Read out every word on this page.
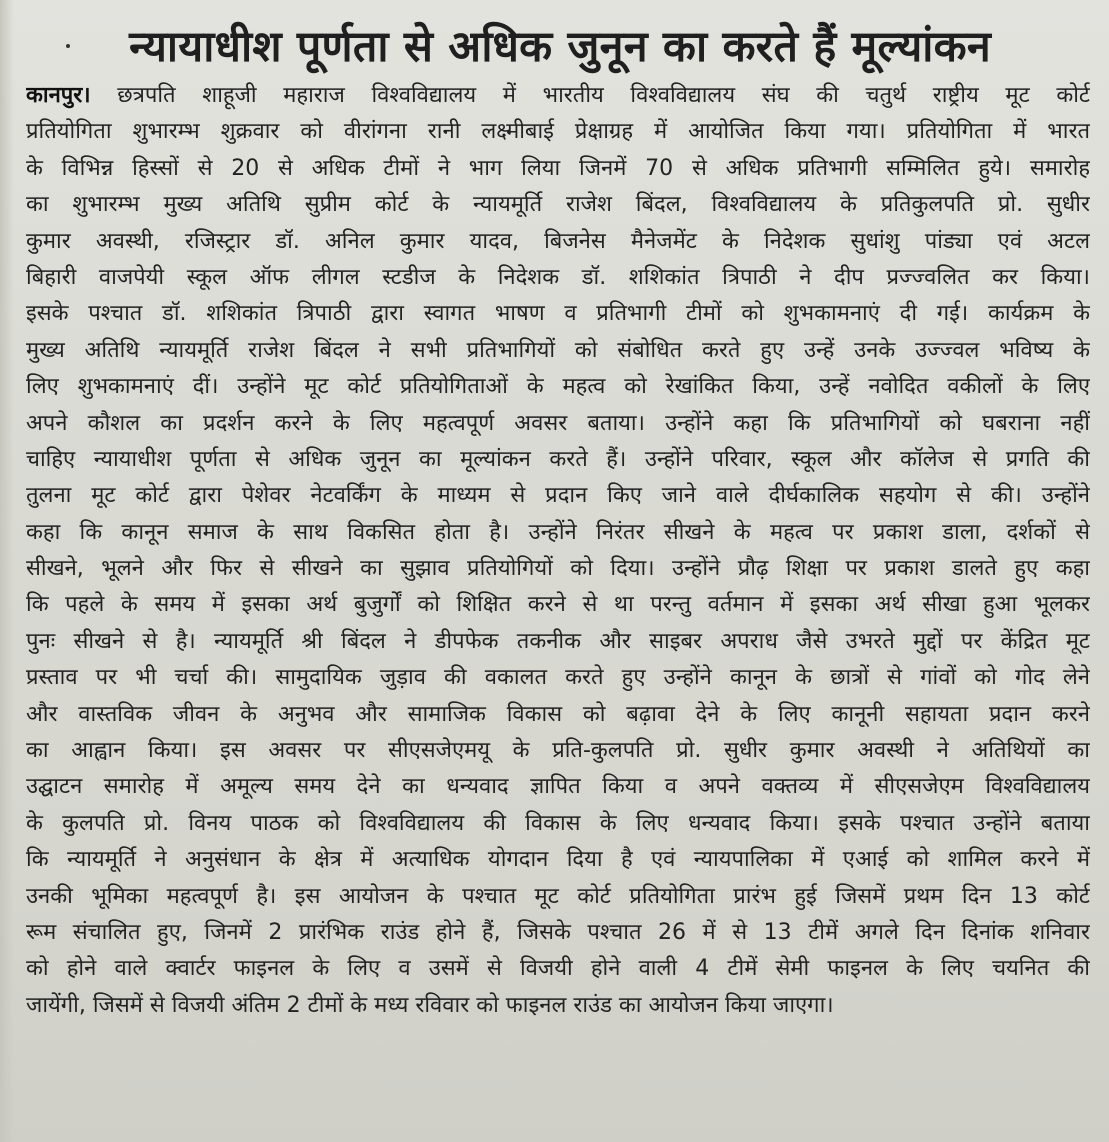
न्यायाधीश पूर्णता से अधिक जुनून का करते हैं मूल्यांकन
कानपुर। छत्रपति शाहूजी महाराज विश्वविद्यालय में भारतीय विश्वविद्यालय संघ की चतुर्थ राष्ट्रीय मूट कोर्ट
प्रतियोगिता शुभारम्भ शुक्रवार को वीरांगना रानी लक्ष्मीबाई प्रेक्षाग्रह में आयोजित किया गया। प्रतियोगिता में भारत
के विभिन्न हिस्सों से 20 से अधिक टीमों ने भाग लिया जिनमें 70 से अधिक प्रतिभागी सम्मिलित हुये। समारोह
का शुभारम्भ मुख्य अतिथि सुप्रीम कोर्ट के न्यायमूर्ति राजेश बिंदल, विश्वविद्यालय के प्रतिकुलपति प्रो. सुधीर
कुमार अवस्थी, रजिस्ट्रार डॉ. अनिल कुमार यादव, बिजनेस मैनेजमेंट के निदेशक सुधांशु पांड्या एवं अटल
बिहारी वाजपेयी स्कूल ऑफ लीगल स्टडीज के निदेशक डॉ. शशिकांत त्रिपाठी ने दीप प्रज्ज्वलित कर किया।
इसके पश्चात डॉ. शशिकांत त्रिपाठी द्वारा स्वागत भाषण व प्रतिभागी टीमों को शुभकामनाएं दी गई। कार्यक्रम के
मुख्य अतिथि न्यायमूर्ति राजेश बिंदल ने सभी प्रतिभागियों को संबोधित करते हुए उन्हें उनके उज्ज्वल भविष्य के
लिए शुभकामनाएं दीं। उन्होंने मूट कोर्ट प्रतियोगिताओं के महत्व को रेखांकित किया, उन्हें नवोदित वकीलों के लिए
अपने कौशल का प्रदर्शन करने के लिए महत्वपूर्ण अवसर बताया। उन्होंने कहा कि प्रतिभागियों को घबराना नहीं
चाहिए न्यायाधीश पूर्णता से अधिक जुनून का मूल्यांकन करते हैं। उन्होंने परिवार, स्कूल और कॉलेज से प्रगति की
तुलना मूट कोर्ट द्वारा पेशेवर नेटवर्किंग के माध्यम से प्रदान किए जाने वाले दीर्घकालिक सहयोग से की। उन्होंने
कहा कि कानून समाज के साथ विकसित होता है। उन्होंने निरंतर सीखने के महत्व पर प्रकाश डाला, दर्शकों से
सीखने, भूलने और फिर से सीखने का सुझाव प्रतियोगियों को दिया। उन्होंने प्रौढ़ शिक्षा पर प्रकाश डालते हुए कहा
कि पहले के समय में इसका अर्थ बुजुर्गों को शिक्षित करने से था परन्तु वर्तमान में इसका अर्थ सीखा हुआ भूलकर
पुनः सीखने से है। न्यायमूर्ति श्री बिंदल ने डीपफेक तकनीक और साइबर अपराध जैसे उभरते मुद्दों पर केंद्रित मूट
प्रस्ताव पर भी चर्चा की। सामुदायिक जुड़ाव की वकालत करते हुए उन्होंने कानून के छात्रों से गांवों को गोद लेने
और वास्तविक जीवन के अनुभव और सामाजिक विकास को बढ़ावा देने के लिए कानूनी सहायता प्रदान करने
का आह्वान किया। इस अवसर पर सीएसजेएमयू के प्रति-कुलपति प्रो. सुधीर कुमार अवस्थी ने अतिथियों का
उद्घाटन समारोह में अमूल्य समय देने का धन्यवाद ज्ञापित किया व अपने वक्तव्य में सीएसजेएम विश्वविद्यालय
के कुलपति प्रो. विनय पाठक को विश्वविद्यालय की विकास के लिए धन्यवाद किया। इसके पश्चात उन्होंने बताया
कि न्यायमूर्ति ने अनुसंधान के क्षेत्र में अत्याधिक योगदान दिया है एवं न्यायपालिका में एआई को शामिल करने में
उनकी भूमिका महत्वपूर्ण है। इस आयोजन के पश्चात मूट कोर्ट प्रतियोगिता प्रारंभ हुई जिसमें प्रथम दिन 13 कोर्ट
रूम संचालित हुए, जिनमें 2 प्रारंभिक राउंड होने हैं, जिसके पश्चात 26 में से 13 टीमें अगले दिन दिनांक शनिवार
को होने वाले क्वार्टर फाइनल के लिए व उसमें से विजयी होने वाली 4 टीमें सेमी फाइनल के लिए चयनित की
जायेंगी, जिसमें से विजयी अंतिम 2 टीमों के मध्य रविवार को फाइनल राउंड का आयोजन किया जाएगा।
